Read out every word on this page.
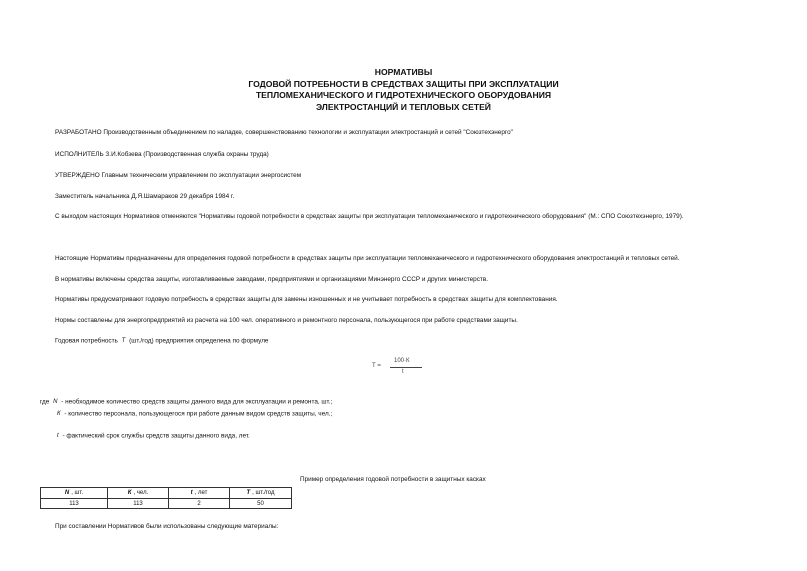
НОРМАТИВЫ
ГОДОВОЙ ПОТРЕБНОСТИ В СРЕДСТВАХ ЗАЩИТЫ ПРИ ЭКСПЛУАТАЦИИ
ТЕПЛОМЕХАНИЧЕСКОГО И ГИДРОТЕХНИЧЕСКОГО ОБОРУДОВАНИЯ
ЭЛЕКТРОСТАНЦИЙ И ТЕПЛОВЫХ СЕТЕЙ
РАЗРАБОТАНО Производственным объединением по наладке, совершенствованию технологии и эксплуатации электростанций и сетей "Союзтехэнерго"
ИСПОЛНИТЕЛЬ З.И.Кобзева (Производственная служба охраны труда)
УТВЕРЖДЕНО Главным техническим управлением по эксплуатации энергосистем
Заместитель начальника Д.Я.Шамараков 29 декабря 1984 г.
С выходом настоящих Нормативов отменяются "Нормативы годовой потребности в средствах защиты при эксплуатации тепломеханического и гидротехнического оборудования" (М.: СПО Союзтехэнерго, 1979).
Настоящие Нормативы предназначены для определения годовой потребности в средствах защиты при эксплуатации тепломеханического и гидротехнического оборудования электростанций и тепловых сетей.
В нормативы включены средства защиты, изготавливаемые заводами, предприятиями и организациями Минэнерго СССР и других министерств.
Нормативы предусматривают годовую потребность в средствах защиты для замены изношенных и не учитывает потребность в средствах защиты для комплектования.
Нормы составлены для энергопредприятий из расчета на 100 чел. оперативного и ремонтного персонала, пользующегося при работе средствами защиты.
Годовая потребность Т (шт./год) предприятия определена по формуле
Т =
100·К
t
где N - необходимое количество средств защиты данного вида для эксплуатации и ремонта, шт.;
К - количество персонала, пользующегося при работе данным видом средств защиты, чел.;
t - фактический срок службы средств защиты данного вида, лет.
Пример определения годовой потребности в защитных касках
N , шт.	К , чел.	t , лет	Т , шт./год
113	113	2	50
При составлении Нормативов были использованы следующие материалы:
